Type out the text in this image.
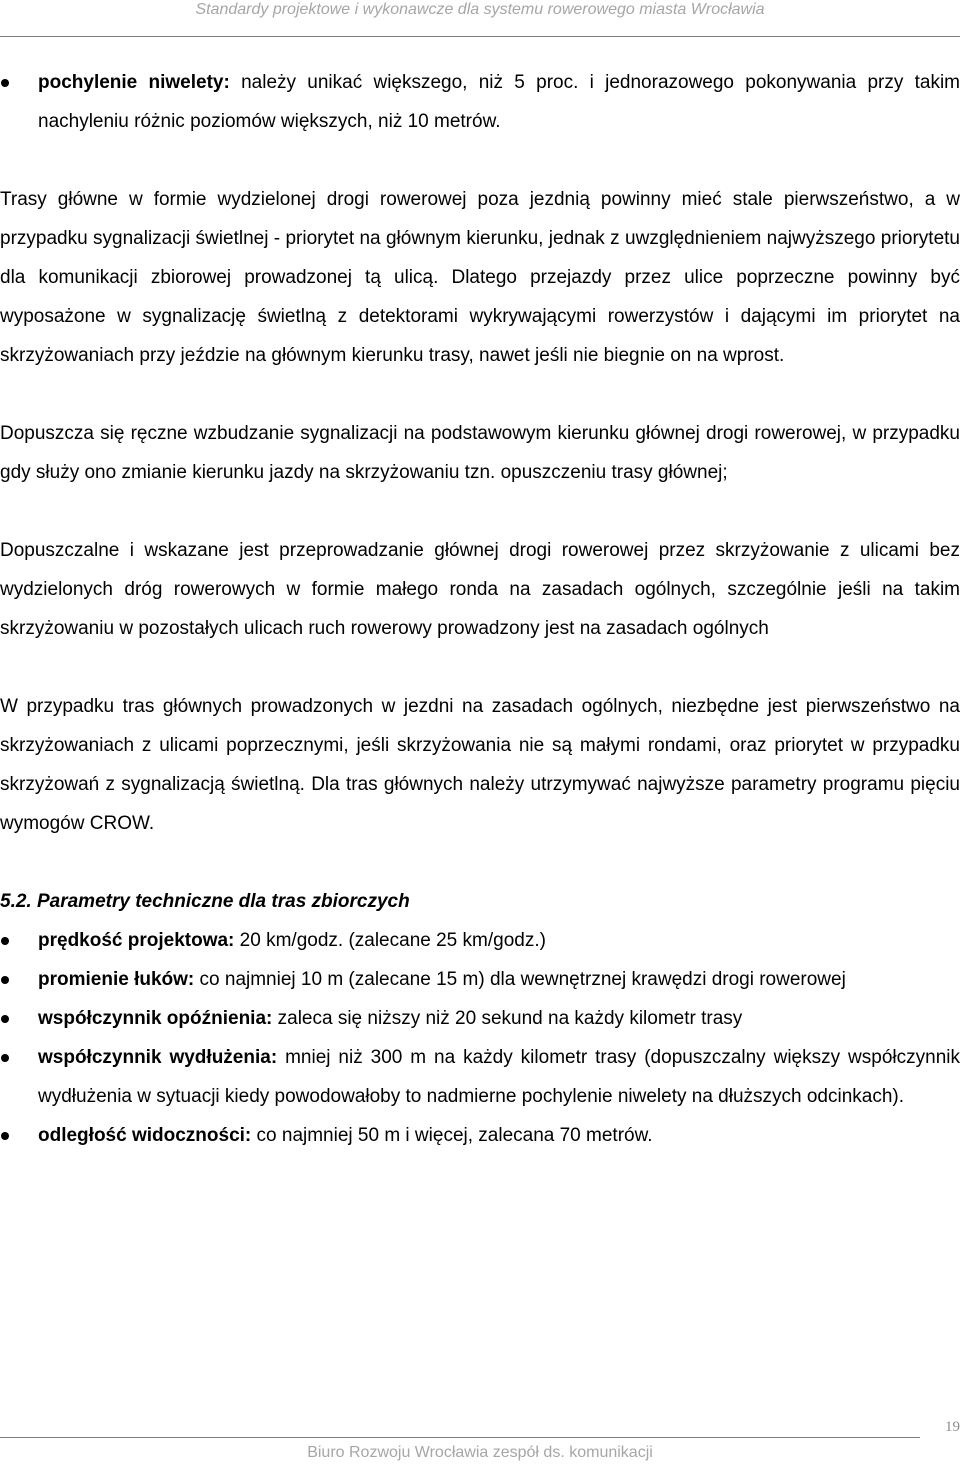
Standardy projektowe i wykonawcze dla systemu rowerowego miasta Wrocławia
pochylenie niwelety: należy unikać większego, niż 5 proc. i jednorazowego pokonywania przy takim nachyleniu różnic poziomów większych, niż 10 metrów.

Trasy główne w formie wydzielonej drogi rowerowej poza jezdnią powinny mieć stale pierwszeństwo, a w przypadku sygnalizacji świetlnej - priorytet na głównym kierunku, jednak z uwzględnieniem najwyższego priorytetu dla komunikacji zbiorowej prowadzonej tą ulicą. Dlatego przejazdy przez ulice poprzeczne powinny być wyposażone w sygnalizację świetlną z detektorami wykrywającymi rowerzystów i dającymi im priorytet na skrzyżowaniach przy jeździe na głównym kierunku trasy, nawet jeśli nie biegnie on na wprost.

Dopuszcza się ręczne wzbudzanie sygnalizacji na podstawowym kierunku głównej drogi rowerowej, w przypadku gdy służy ono zmianie kierunku jazdy na skrzyżowaniu tzn. opuszczeniu trasy głównej;

Dopuszczalne i wskazane jest przeprowadzanie głównej drogi rowerowej przez skrzyżowanie z ulicami bez wydzielonych dróg rowerowych w formie małego ronda na zasadach ogólnych, szczególnie jeśli na takim skrzyżowaniu w pozostałych ulicach ruch rowerowy prowadzony jest na zasadach ogólnych

W przypadku tras głównych prowadzonych w jezdni na zasadach ogólnych, niezbędne jest pierwszeństwo na skrzyżowaniach z ulicami poprzecznymi, jeśli skrzyżowania nie są małymi rondami, oraz priorytet w przypadku skrzyżowań z sygnalizacją świetlną. Dla tras głównych należy utrzymywać najwyższe parametry programu pięciu wymogów CROW.

5.2. Parametry techniczne dla tras zbiorczych
prędkość projektowa: 20 km/godz. (zalecane 25 km/godz.)
promienie łuków: co najmniej 10 m (zalecane 15 m) dla wewnętrznej krawędzi drogi rowerowej
współczynnik opóźnienia: zaleca się niższy niż 20 sekund na każdy kilometr trasy
współczynnik wydłużenia: mniej niż 300 m na każdy kilometr trasy (dopuszczalny większy współczynnik wydłużenia w sytuacji kiedy powodowałoby to nadmierne pochylenie niwelety na dłuższych odcinkach).
odległość widoczności: co najmniej 50 m i więcej, zalecana 70 metrów.
19
Biuro Rozwoju Wrocławia zespół ds. komunikacji
